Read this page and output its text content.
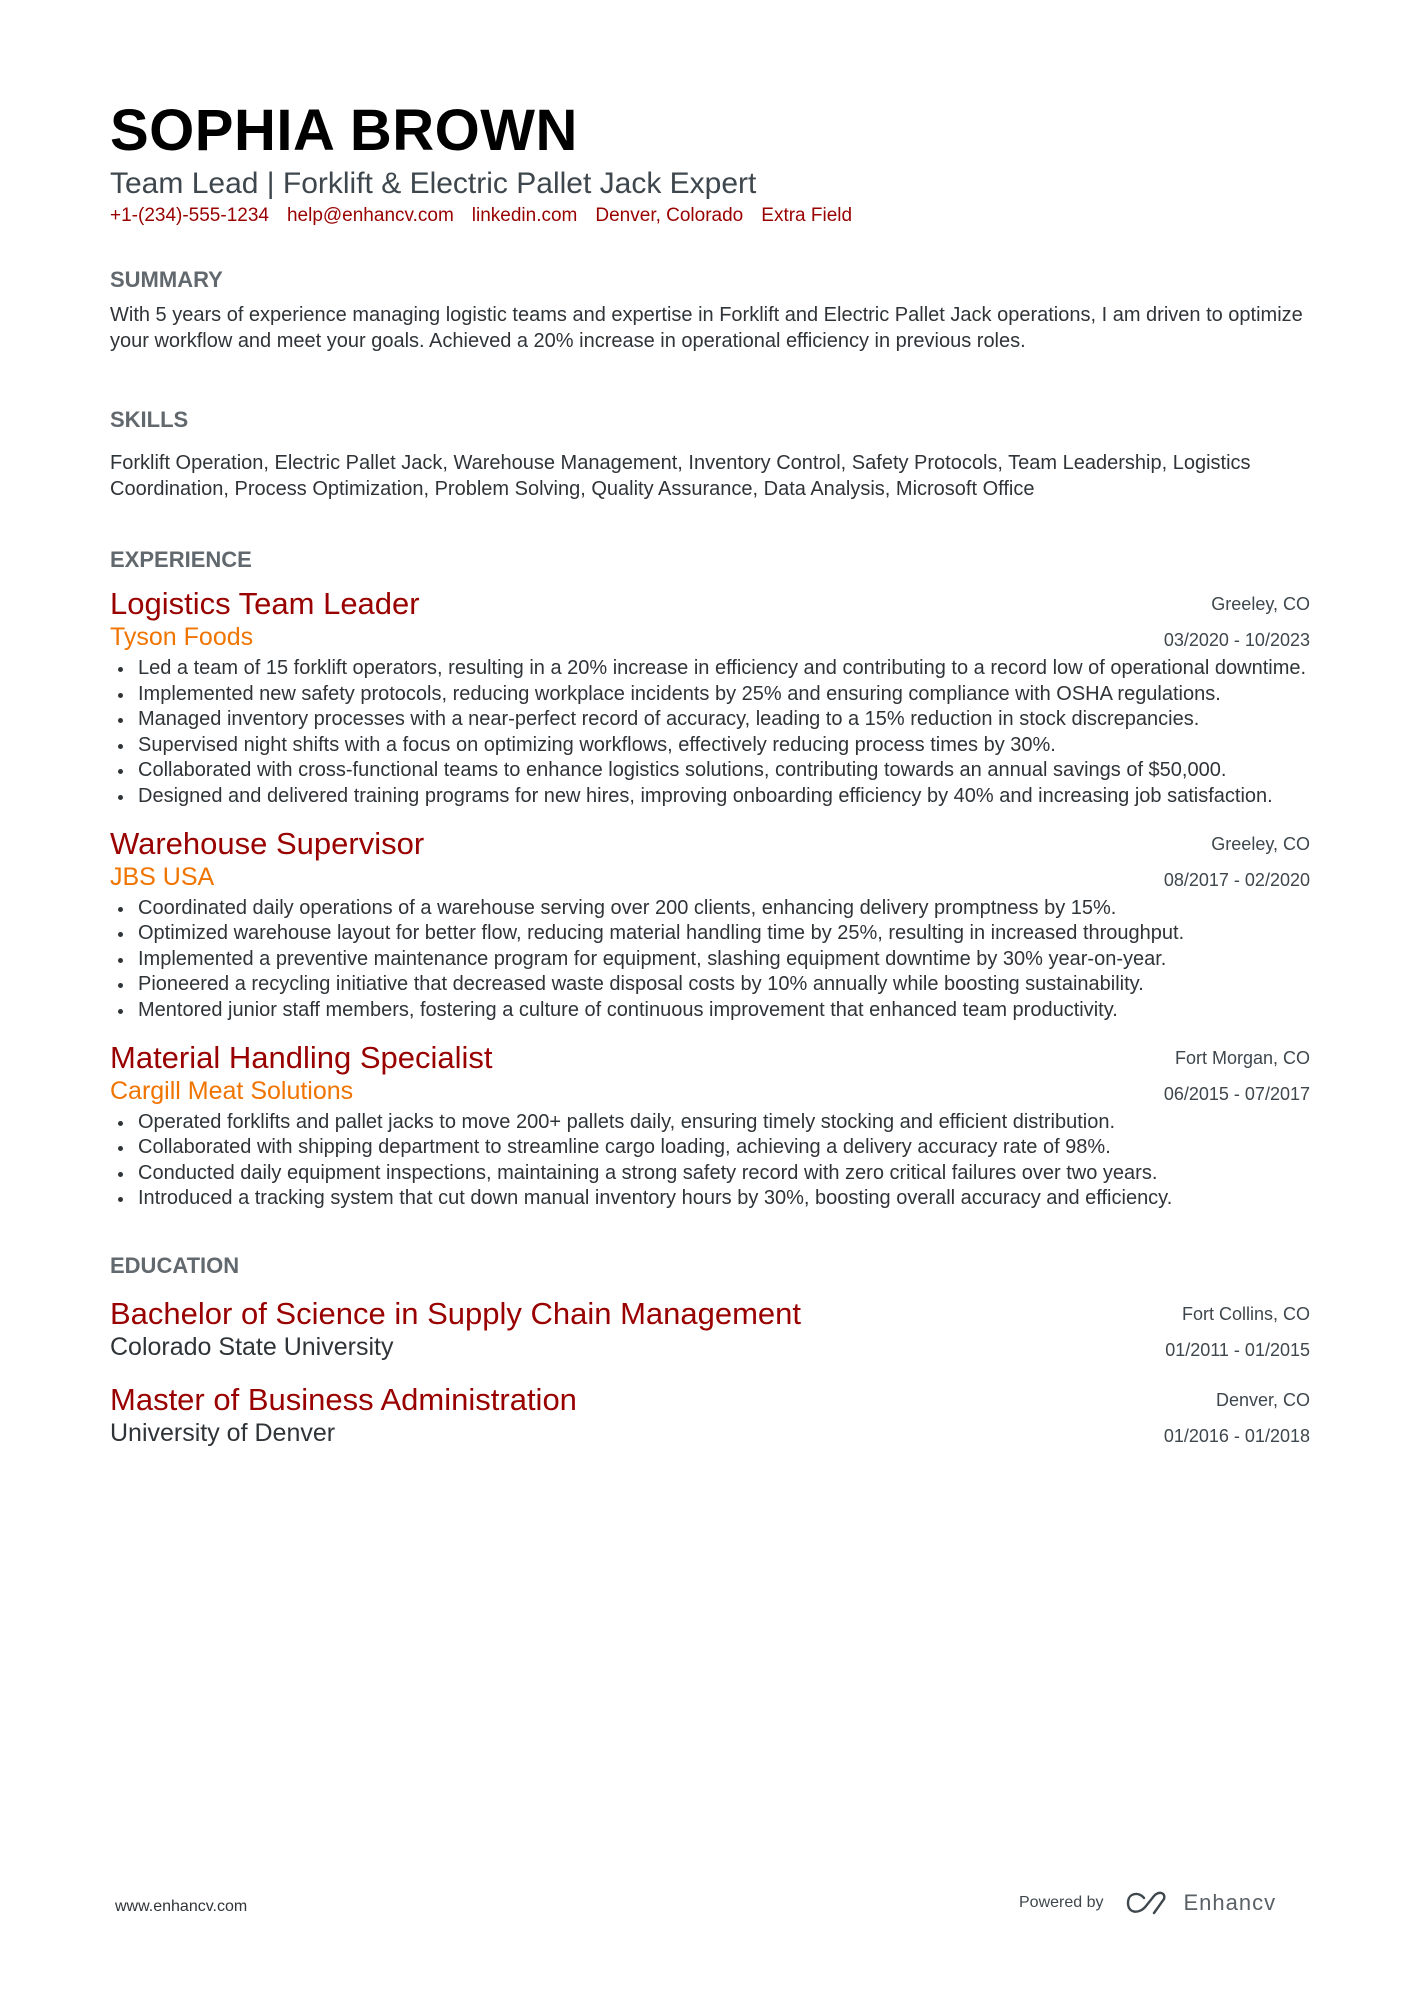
SOPHIA BROWN
Team Lead | Forklift & Electric Pallet Jack Expert
+1-(234)-555-1234 help@enhancv.com linkedin.com Denver, Colorado Extra Field
SUMMARY
With 5 years of experience managing logistic teams and expertise in Forklift and Electric Pallet Jack operations, I am driven to optimize your workflow and meet your goals. Achieved a 20% increase in operational efficiency in previous roles.
SKILLS
Forklift Operation, Electric Pallet Jack, Warehouse Management, Inventory Control, Safety Protocols, Team Leadership, Logistics Coordination, Process Optimization, Problem Solving, Quality Assurance, Data Analysis, Microsoft Office
EXPERIENCE
Greeley, CO
03/2020 - 10/2023
Logistics Team Leader
Tyson Foods
Led a team of 15 forklift operators, resulting in a 20% increase in efficiency and contributing to a record low of operational downtime.
Implemented new safety protocols, reducing workplace incidents by 25% and ensuring compliance with OSHA regulations.
Managed inventory processes with a near-perfect record of accuracy, leading to a 15% reduction in stock discrepancies.
Supervised night shifts with a focus on optimizing workflows, effectively reducing process times by 30%.
Collaborated with cross-functional teams to enhance logistics solutions, contributing towards an annual savings of $50,000.
Designed and delivered training programs for new hires, improving onboarding efficiency by 40% and increasing job satisfaction.
Greeley, CO
08/2017 - 02/2020
Warehouse Supervisor
JBS USA
Coordinated daily operations of a warehouse serving over 200 clients, enhancing delivery promptness by 15%.
Optimized warehouse layout for better flow, reducing material handling time by 25%, resulting in increased throughput.
Implemented a preventive maintenance program for equipment, slashing equipment downtime by 30% year-on-year.
Pioneered a recycling initiative that decreased waste disposal costs by 10% annually while boosting sustainability.
Mentored junior staff members, fostering a culture of continuous improvement that enhanced team productivity.
Fort Morgan, CO
06/2015 - 07/2017
Material Handling Specialist
Cargill Meat Solutions
Operated forklifts and pallet jacks to move 200+ pallets daily, ensuring timely stocking and efficient distribution.
Collaborated with shipping department to streamline cargo loading, achieving a delivery accuracy rate of 98%.
Conducted daily equipment inspections, maintaining a strong safety record with zero critical failures over two years.
Introduced a tracking system that cut down manual inventory hours by 30%, boosting overall accuracy and efficiency.
EDUCATION
Fort Collins, CO
01/2011 - 01/2015
Bachelor of Science in Supply Chain Management
Colorado State University
Denver, CO
01/2016 - 01/2018
Master of Business Administration
University of Denver
www.enhancv.com	Powered by	Enhancv
